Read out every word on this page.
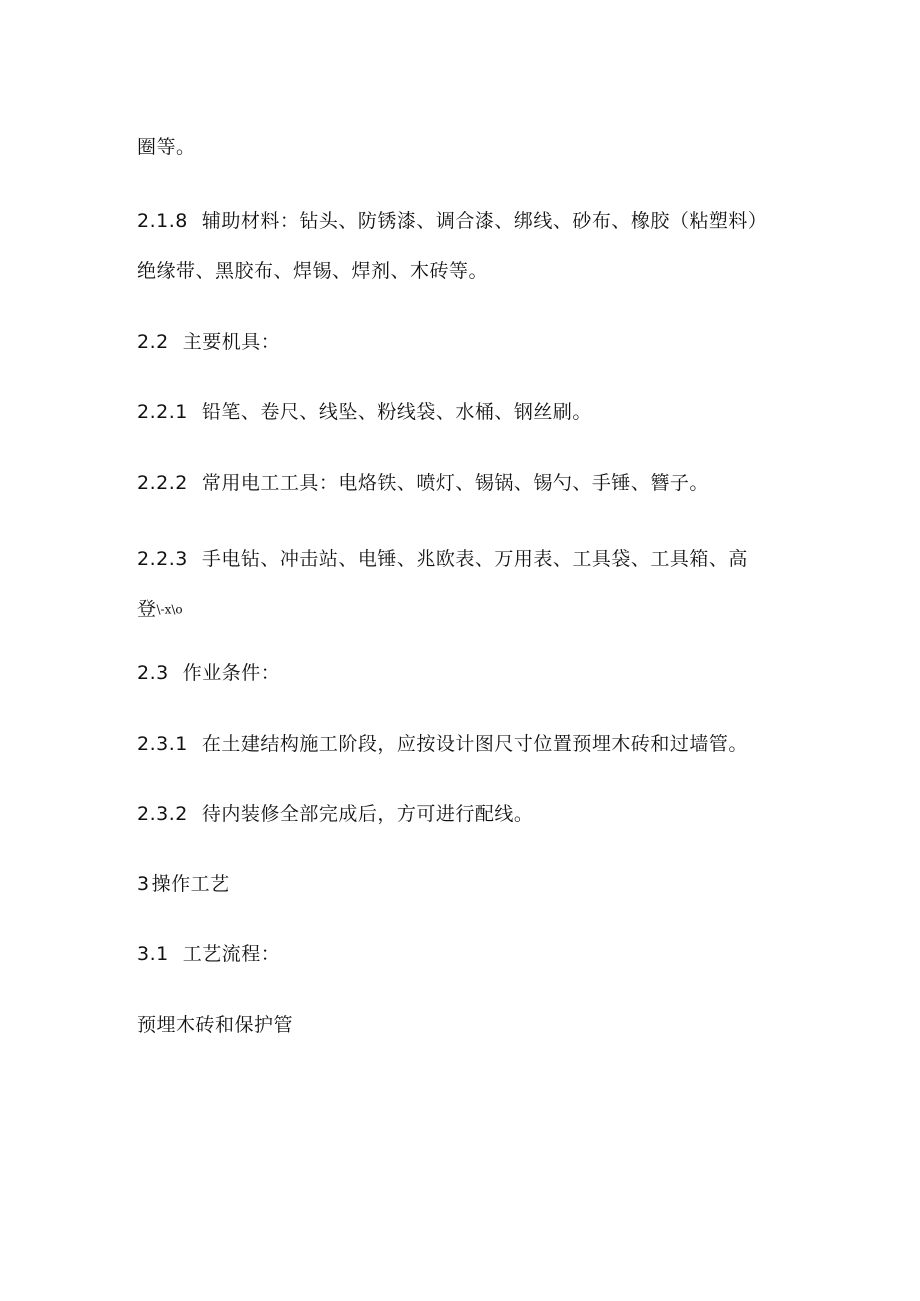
圈等。
2.1.8 辅助材料：钻头、防锈漆、调合漆、绑线、砂布、橡胶（粘塑料）
绝缘带、黑胶布、焊锡、焊剂、木砖等。
2.2 主要机具：
2.2.1 铅笔、卷尺、线坠、粉线袋、水桶、钢丝刷。
2.2.2 常用电工工具：电烙铁、喷灯、锡锅、锡勺、手锤、簪子。
2.2.3 手电钻、冲击站、电锤、兆欧表、万用表、工具袋、工具箱、高
登\-x\o
2.3 作业条件：
2.3.1 在土建结构施工阶段，应按设计图尺寸位置预埋木砖和过墙管。
2.3.2 待内装修全部完成后，方可进行配线。
3 操作工艺
3.1 工艺流程：
预埋木砖和保护管
